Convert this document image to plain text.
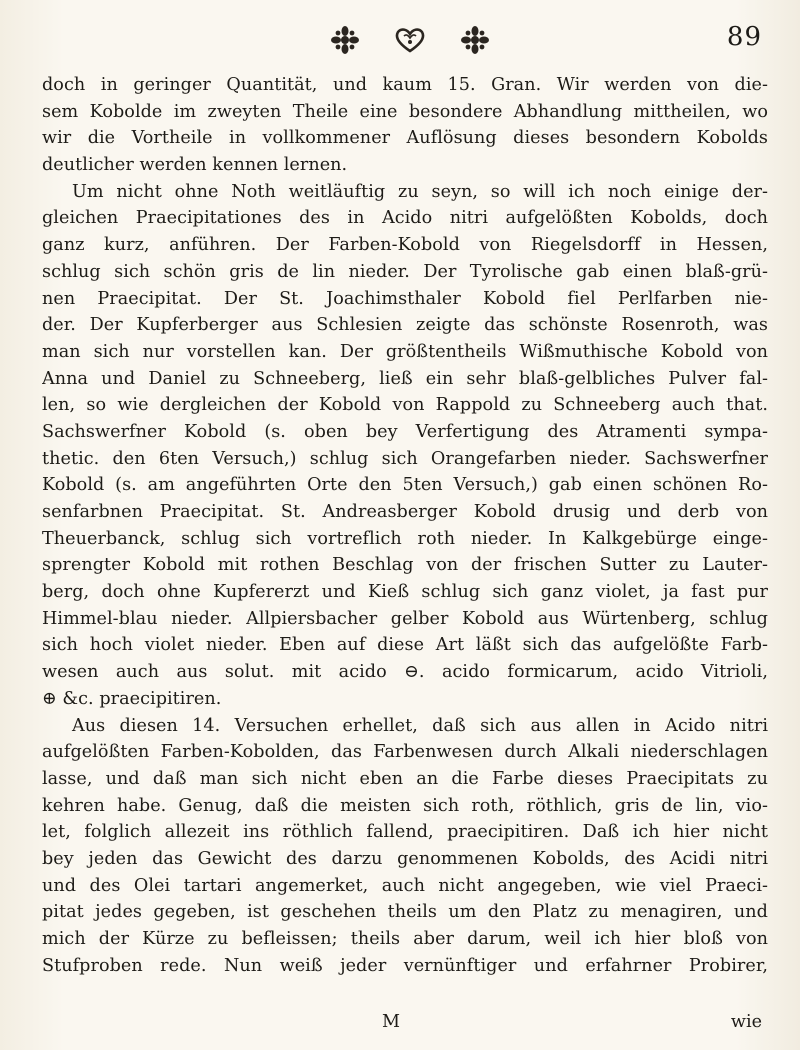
89
doch in geringer Quantität, und kaum 15. Gran. Wir werden von die-
sem Kobolde im zweyten Theile eine besondere Abhandlung mittheilen, wo
wir die Vortheile in vollkommener Auflösung dieses besondern Kobolds
deutlicher werden kennen lernen.
Um nicht ohne Noth weitläuftig zu seyn, so will ich noch einige der-
gleichen Praecipitationes des in Acido nitri aufgelößten Kobolds, doch
ganz kurz, anführen. Der Farben-Kobold von Riegelsdorff in Hessen,
schlug sich schön gris de lin nieder. Der Tyrolische gab einen blaß-grü-
nen Praecipitat. Der St. Joachimsthaler Kobold fiel Perlfarben nie-
der. Der Kupferberger aus Schlesien zeigte das schönste Rosenroth, was
man sich nur vorstellen kan. Der größtentheils Wißmuthische Kobold von
Anna und Daniel zu Schneeberg, ließ ein sehr blaß-gelbliches Pulver fal-
len, so wie dergleichen der Kobold von Rappold zu Schneeberg auch that.
Sachswerfner Kobold (s. oben bey Verfertigung des Atramenti sympa-
thetic. den 6ten Versuch,) schlug sich Orangefarben nieder. Sachswerfner
Kobold (s. am angeführten Orte den 5ten Versuch,) gab einen schönen Ro-
senfarbnen Praecipitat. St. Andreasberger Kobold drusig und derb von
Theuerbanck, schlug sich vortreflich roth nieder. In Kalkgebürge einge-
sprengter Kobold mit rothen Beschlag von der frischen Sutter zu Lauter-
berg, doch ohne Kupfererzt und Kieß schlug sich ganz violet, ja fast pur
Himmel-blau nieder. Allpiersbacher gelber Kobold aus Würtenberg, schlug
sich hoch violet nieder. Eben auf diese Art läßt sich das aufgelößte Farb-
wesen auch aus solut. mit acido ⊖. acido formicarum, acido Vitrioli,
⊕ &c. praecipitiren.
Aus diesen 14. Versuchen erhellet, daß sich aus allen in Acido nitri
aufgelößten Farben-Kobolden, das Farbenwesen durch Alkali niederschlagen
lasse, und daß man sich nicht eben an die Farbe dieses Praecipitats zu
kehren habe. Genug, daß die meisten sich roth, röthlich, gris de lin, vio-
let, folglich allezeit ins röthlich fallend, praecipitiren. Daß ich hier nicht
bey jeden das Gewicht des darzu genommenen Kobolds, des Acidi nitri
und des Olei tartari angemerket, auch nicht angegeben, wie viel Praeci-
pitat jedes gegeben, ist geschehen theils um den Platz zu menagiren, und
mich der Kürze zu befleissen; theils aber darum, weil ich hier bloß von
Stufproben rede. Nun weiß jeder vernünftiger und erfahrner Probirer,
M	wie
